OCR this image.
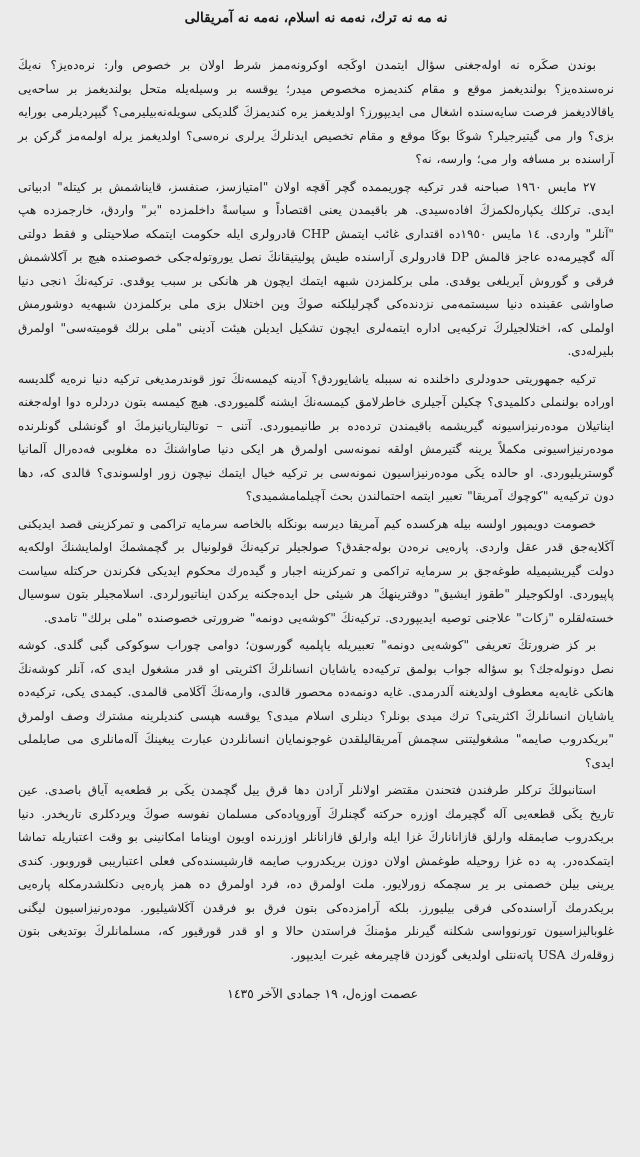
نه مه نه ترك، نه‌مه نه اسلام، نه‌مه نه آمریقالی

بوندن صكَره نه اوله‌جغنی سؤال ایتمدن اوكَجه اوكرونه‌ممز شرط اولان بر خصوص وار: نره‌ده‌یز؟ نه‌یكَ نره‌سنده‌یز؟ بولندیغمز موقع و مقام كندیمزه مخصوص میدر؛ یوقسه بر وسیله‌یله متحل بولندیغمز بر ساحه‌یی یاقالادیغمز فرصت سایه‌سنده اشغال می ایدیپورز؟ اولدیغمز یره كندیمزكَ گلدیكی سویله‌نه‌بیلیرمی؟ گیپردیلرمی بورایه بزی؟ وار می گیتیرجیلر؟ شوكَا بوكَا موقع و مقام تخصیص ایدنلركَ یرلری نره‌سی؟ اولدیغمز یرله اولمه‌مز گركن بر آراسنده بر مسافه وار می؛ وارسه، نه؟

٢٧ مایس ١٩٦٠ صباحنه قدر تركیه چوریممده گچر آقچه اولان "امتیازسز، صنفسز، قایناشمش بر كیتله" ادبیاتی ایدی. تركلك یكپاره‌لكمزكَ افاده‌سیدی. هر باقیمدن یعنی اقتصاداً و سیاسةً داخلمزده "بر" واردق، خارجمزده هپ "آنلر" واردی. ١٤ مایس ١٩٥٠ده اقتداری غائب ایتمش CHP قادرولری ایله حكومت ایتمكه صلاحیتلی و فقط دولتی آله گچیرمه‌ده عاجز قالمش DP قادرولری آراسنده طیش پولیتیقانكَ نصل یوروتوله‌جكی خصوصنده هیچ بر آكلاشمش فرقی و گوروش آیریلغی یوقدی. ملی بركلمزدن شبهه ایتمك ایچون هر هانكی بر سبب یوقدی. تركیه‌نكَ ١نجی دنیا صاواشی عقبنده دنیا سیستمه‌می نزدنده‌كی گچرلیلكنه صوكَ وین اختلال بزی ملی بركلمزدن شبهه‌یه دوشورمش اولملی كه، اختلالجیلركَ تركیه‌یی اداره ایتمه‌لری ایچون تشكیل ایدیلن هیئت آدینی "ملی برلك قومیته‌سی" اولمرق بلیرله‌دی.

تركیه جمهوریتی حدودلری داخلنده نه سببله یاشایوردق؟ آدینه كیمسه‌نكَ توز قوندرمدیغی تركیه دنیا نره‌یه گلدیسه اوراده بولنملی دكلمیدی؟ چكیلن آجیلری خاطرلامق كیمسه‌نكَ ایشنه گلمیوردی. هیچ كیمسه بتون دردلره دوا اوله‌جغنه ایناتیلان مودەرنیزاسیونه گیریشمه باقیمندن ترده‌ده بر طانیمیوردی. آتنی – توتالیتاریانیزمكَ او گونشلی گونلرنده موده‌رنیزاسیونی مكملاً یرینه گتیرمش اولقه نمونه‌سی اولمرق هر ایكی دنیا صاواشنكَ ده مغلوبی فەده‌رال آلمانیا گوستریلیوردی. او حالده یكَی موده‌رنیزاسیون نمونه‌سی بر تركیه خیال ایتمك نیچون زور اولسوندی؟ قالدی كه، دها دون تركیه‌یه "كوچوك آمریقا" تعبیر ایتمه احتمالندن بحث آچیلمامشمیدی؟

خصومت دویمپور اولسه بیله هركسده كیم آمریقا دیرسه بونكَله بالخاصه سرمایه تراكمی و تمركزینی قصد ایدیكنی آكَلایه‌جق قدر عقل واردی. پاره‌یی نره‌دن بوله‌جقدق؟ صولجیلر تركیه‌نكَ قولونیال بر گچمشمكَ اولمایشنكَ اولكه‌یه دولت گیریشیمیله طوغه‌جق بر سرمایه تراكمی و تمركزینه اجبار و گیده‌رك محكوم ایدیكی فكرندن حركتله سیاست پاپیوردی. اولكوجیلر "طقوز ایشیق" دوقترینهكَ هر شیئی حل ایده‌جكنه یركدن ایناتیورلردی. اسلامجیلر بتون سوسیال خسته‌لقلره "زكات" علاجنی توصیه ایدیپوردی. تركیه‌نكَ "كوشه‌یی دونمه" ضرورتی خصوصنده "ملی برلك" تامدی.

بر كز ضرورتكَ تعریفی "كوشه‌یی دونمه" تعبیریله یاپلمیه گورسون؛ دوامی چوراب سوكوكی گبی گلدی. كوشه نصل دونوله‌جك؟ بو سؤاله جواب بولمق تركیه‌ده یاشایان انسانلركَ اكثریتی او قدر مشغول ایدی كه، آنلر كوشه‌نكَ هانكی غایه‌یه معطوف اولدیغنه آلدرمدی. غایه دونمه‌ده محصور قالدی، وارمه‌نكَ آكَلامی قالمدی. كیمدی یكی، تركیه‌ده یاشایان انسانلركَ اكثریتی؟ ترك میدی بونلر؟ دینلری اسلام میدی؟ یوقسه هپسی كندیلرینه مشترك وصف اولمرق "بریكدروب صایمه" مشغولیتنی سچمش آمریقالیلقدن غوجونمایان انسانلردن عبارت یبغینكَ آلەمانلری می صایلملی ایدی؟

استانبولكَ تركلر طرفندن فتحندن مقتضر اولانلر آرادن دها قرق ییل گچمدن یكَی بر قطعه‌یه آیاق باصدی. عین تاریخ یكَی قطعه‌یی آله گچیرمك اوزره حركته گچنلركَ آوروپاده‌كی مسلمان نفوسه صوكَ ویردكلری تاریخدر. دنیا بریكدروب صایمقله وارلق قازاناناركَ غزا ایله وارلق قازانانلر اوزرنده اویون اویناما امكانینی بو وقت اعتباریله تماشا ایتمكده‌در. په ده غزا روحیله طوغمش اولان دوزن بریكدروب صایمه قارشیسنده‌كی فعلی اعتباریبی قوروبور. كندی یرینی بیلن خصمنی بر یر سچمكه زورلایور. ملت اولمرق ده، فرد اولمرق ده همز پاره‌یی دنكلشدرمكله پاره‌یی بریكدرمك آراسنده‌كی فرقی بیلیورز. بلكه آرامزده‌كی بتون فرق بو فرقدن آكَلاشیلیور. موده‌رنیزاسیون لیگنی غلوبالیزاسیون تورنوواسی شكلنه گیرنلر مؤمنكَ فراستدن حالا و او قدر قورقیور كه، مسلمانلركَ بوتدیغی بتون زوقله‌رك USA پاتەنتلی اولدیغی گوزدن قاچیرمغه غیرت ایدیپور.

عصمت اوزەل، ١٩ جمادی الآخر ١٤٣٥
